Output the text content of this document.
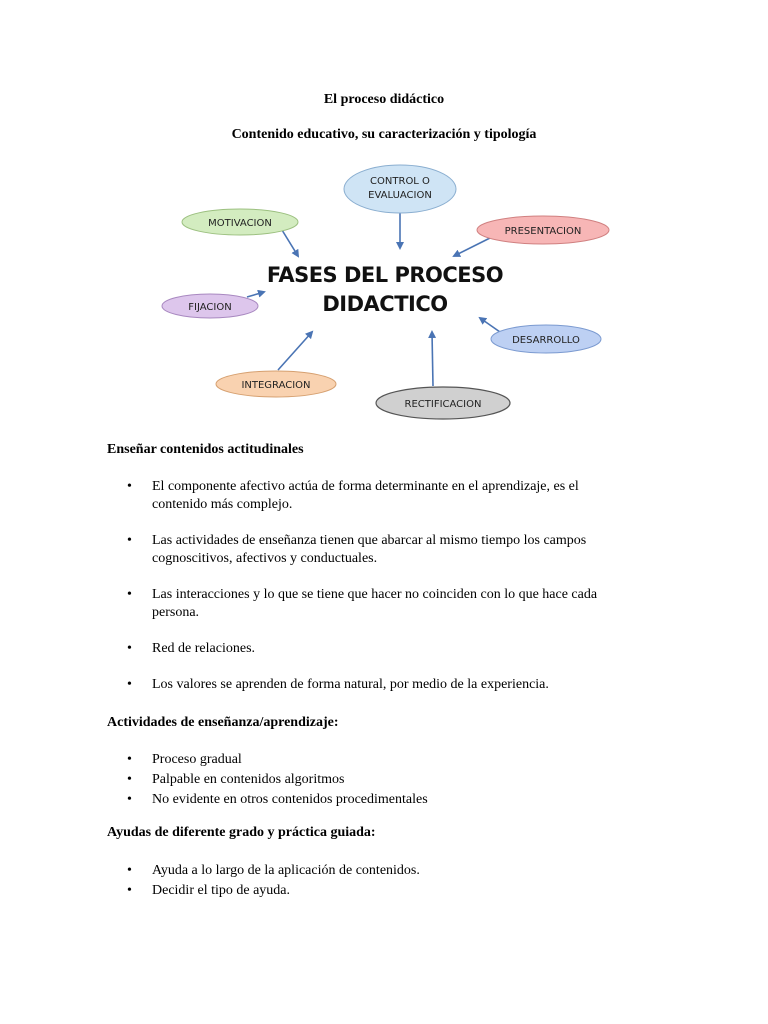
El proceso didáctico
Contenido educativo, su caracterización y tipología
FASES DEL PROCESO
DIDACTICO
CONTROL O
EVALUACION
MOTIVACION
PRESENTACION
FIJACION
DESARROLLO
INTEGRACION
RECTIFICACION
Enseñar contenidos actitudinales
• El componente afectivo actúa de forma determinante en el aprendizaje, es el
contenido más complejo.
• Las actividades de enseñanza tienen que abarcar al mismo tiempo los campos
cognoscitivos, afectivos y conductuales.
• Las interacciones y lo que se tiene que hacer no coinciden con lo que hace cada
persona.
• Red de relaciones.
• Los valores se aprenden de forma natural, por medio de la experiencia.
Actividades de enseñanza/aprendizaje:
• Proceso gradual
• Palpable en contenidos algoritmos
• No evidente en otros contenidos procedimentales
Ayudas de diferente grado y práctica guiada:
• Ayuda a lo largo de la aplicación de contenidos.
• Decidir el tipo de ayuda.
